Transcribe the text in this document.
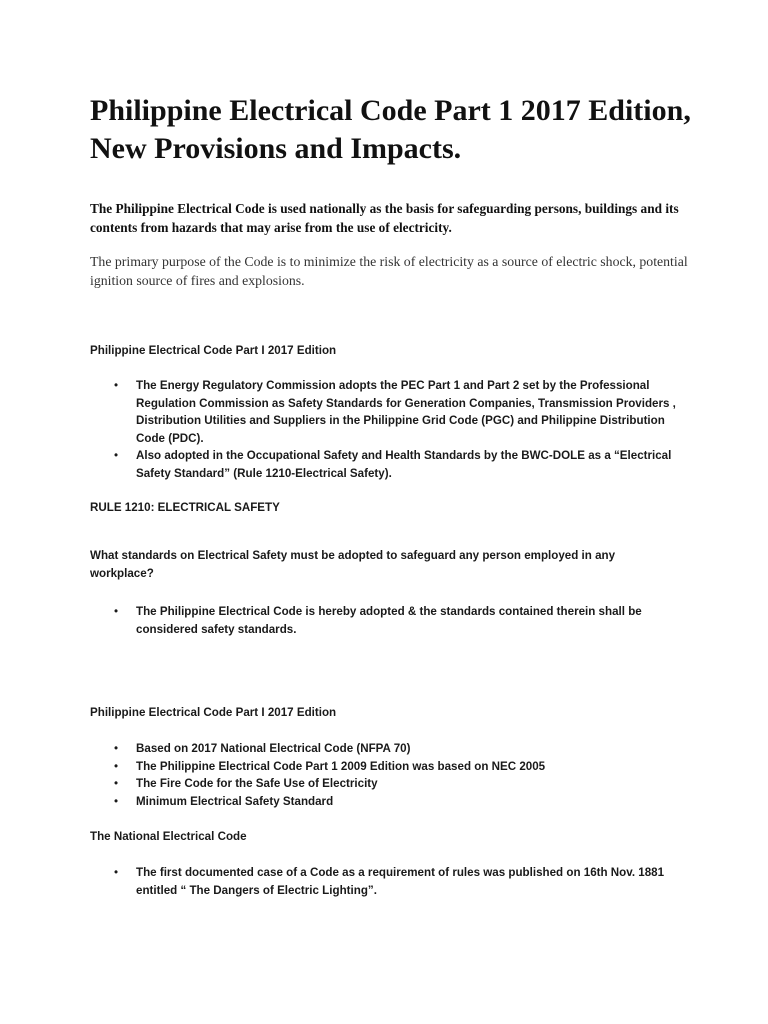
Philippine Electrical Code Part 1 2017 Edition, New Provisions and Impacts.

The Philippine Electrical Code is used nationally as the basis for safeguarding persons, buildings and its contents from hazards that may arise from the use of electricity.

The primary purpose of the Code is to minimize the risk of electricity as a source of electric shock, potential ignition source of fires and explosions.

Philippine Electrical Code Part I 2017 Edition

• The Energy Regulatory Commission adopts the PEC Part 1 and Part 2 set by the Professional Regulation Commission as Safety Standards for Generation Companies, Transmission Providers , Distribution Utilities and Suppliers in the Philippine Grid Code (PGC) and Philippine Distribution Code (PDC).
• Also adopted in the Occupational Safety and Health Standards by the BWC-DOLE as a “Electrical Safety Standard” (Rule 1210-Electrical Safety).

RULE 1210: ELECTRICAL SAFETY

What standards on Electrical Safety must be adopted to safeguard any person employed in any workplace?

• The Philippine Electrical Code is hereby adopted & the standards contained therein shall be considered safety standards.

Philippine Electrical Code Part I 2017 Edition

• Based on 2017 National Electrical Code (NFPA 70)
• The Philippine Electrical Code Part 1 2009 Edition was based on NEC 2005
• The Fire Code for the Safe Use of Electricity
• Minimum Electrical Safety Standard

The National Electrical Code

• The first documented case of a Code as a requirement of rules was published on 16th Nov. 1881 entitled “ The Dangers of Electric Lighting”.
